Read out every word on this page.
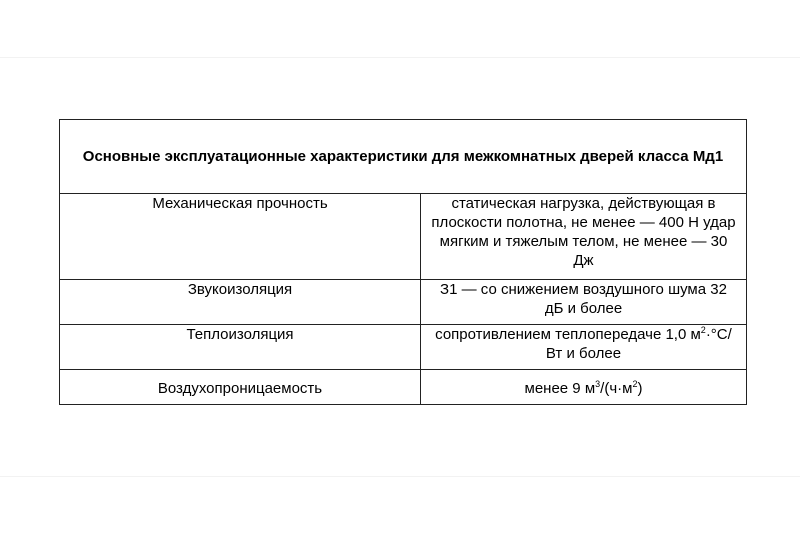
Основные эксплуатационные характеристики для межкомнатных дверей класса Мд1	
Механическая прочность	статическая нагрузка, действующая в плоскости полотна, не менее — 400 Н удар мягким и тяжелым телом, не менее — 30 Дж
Звукоизоляция	З1 — со снижением воздушного шума 32 дБ и более
Теплоизоляция	сопротивлением теплопередаче 1,0 $м^2\cdot^\circ С/Вт$ и более
Воздухопроницаемость	менее 9 $м^3/(ч\cdot м^2)$
